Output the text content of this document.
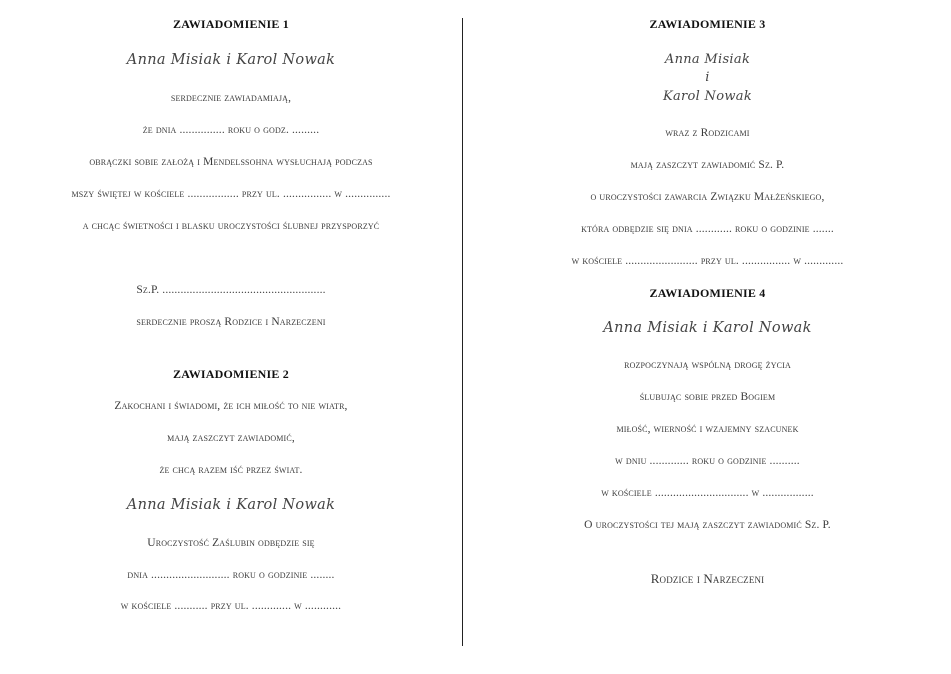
ZAWIADOMIENIE 1
Anna Misiak i Karol Nowak
serdecznie zawiadamiają,
że dnia ............... roku o godz. .........
obrączki sobie założą i Mendelssohna wysłuchają podczas
mszy świętej w kościele ................. przy ul. ................ w ...............
a chcąc świetności i blasku uroczystości ślubnej przysporzyć
Sz.P. ......................................................
serdecznie proszą Rodzice i Narzeczeni
ZAWIADOMIENIE 2
Zakochani i świadomi, że ich miłość to nie wiatr,
mają zaszczyt zawiadomić,
że chcą razem iść przez świat.
Anna Misiak i Karol Nowak
Uroczystość Zaślubin odbędzie się
dnia .......................... roku o godzinie ........
w kościele ........... przy ul. ............. w ............
ZAWIADOMIENIE 3
Anna Misiak
i
Karol Nowak
wraz z Rodzicami
mają zaszczyt zawiadomić Sz. P.
o uroczystości zawarcia Związku Małżeńskiego,
która odbędzie się dnia ............ roku o godzinie .......
w kościele ........................ przy ul. ................ w .............
ZAWIADOMIENIE 4
Anna Misiak i Karol Nowak
rozpoczynają wspólną drogę życia
ślubując sobie przed Bogiem
miłość, wierność i wzajemny szacunek
w dniu ............. roku o godzinie ..........
w kościele ............................... w .................
O uroczystości tej mają zaszczyt zawiadomić Sz. P.
Rodzice i Narzeczeni
